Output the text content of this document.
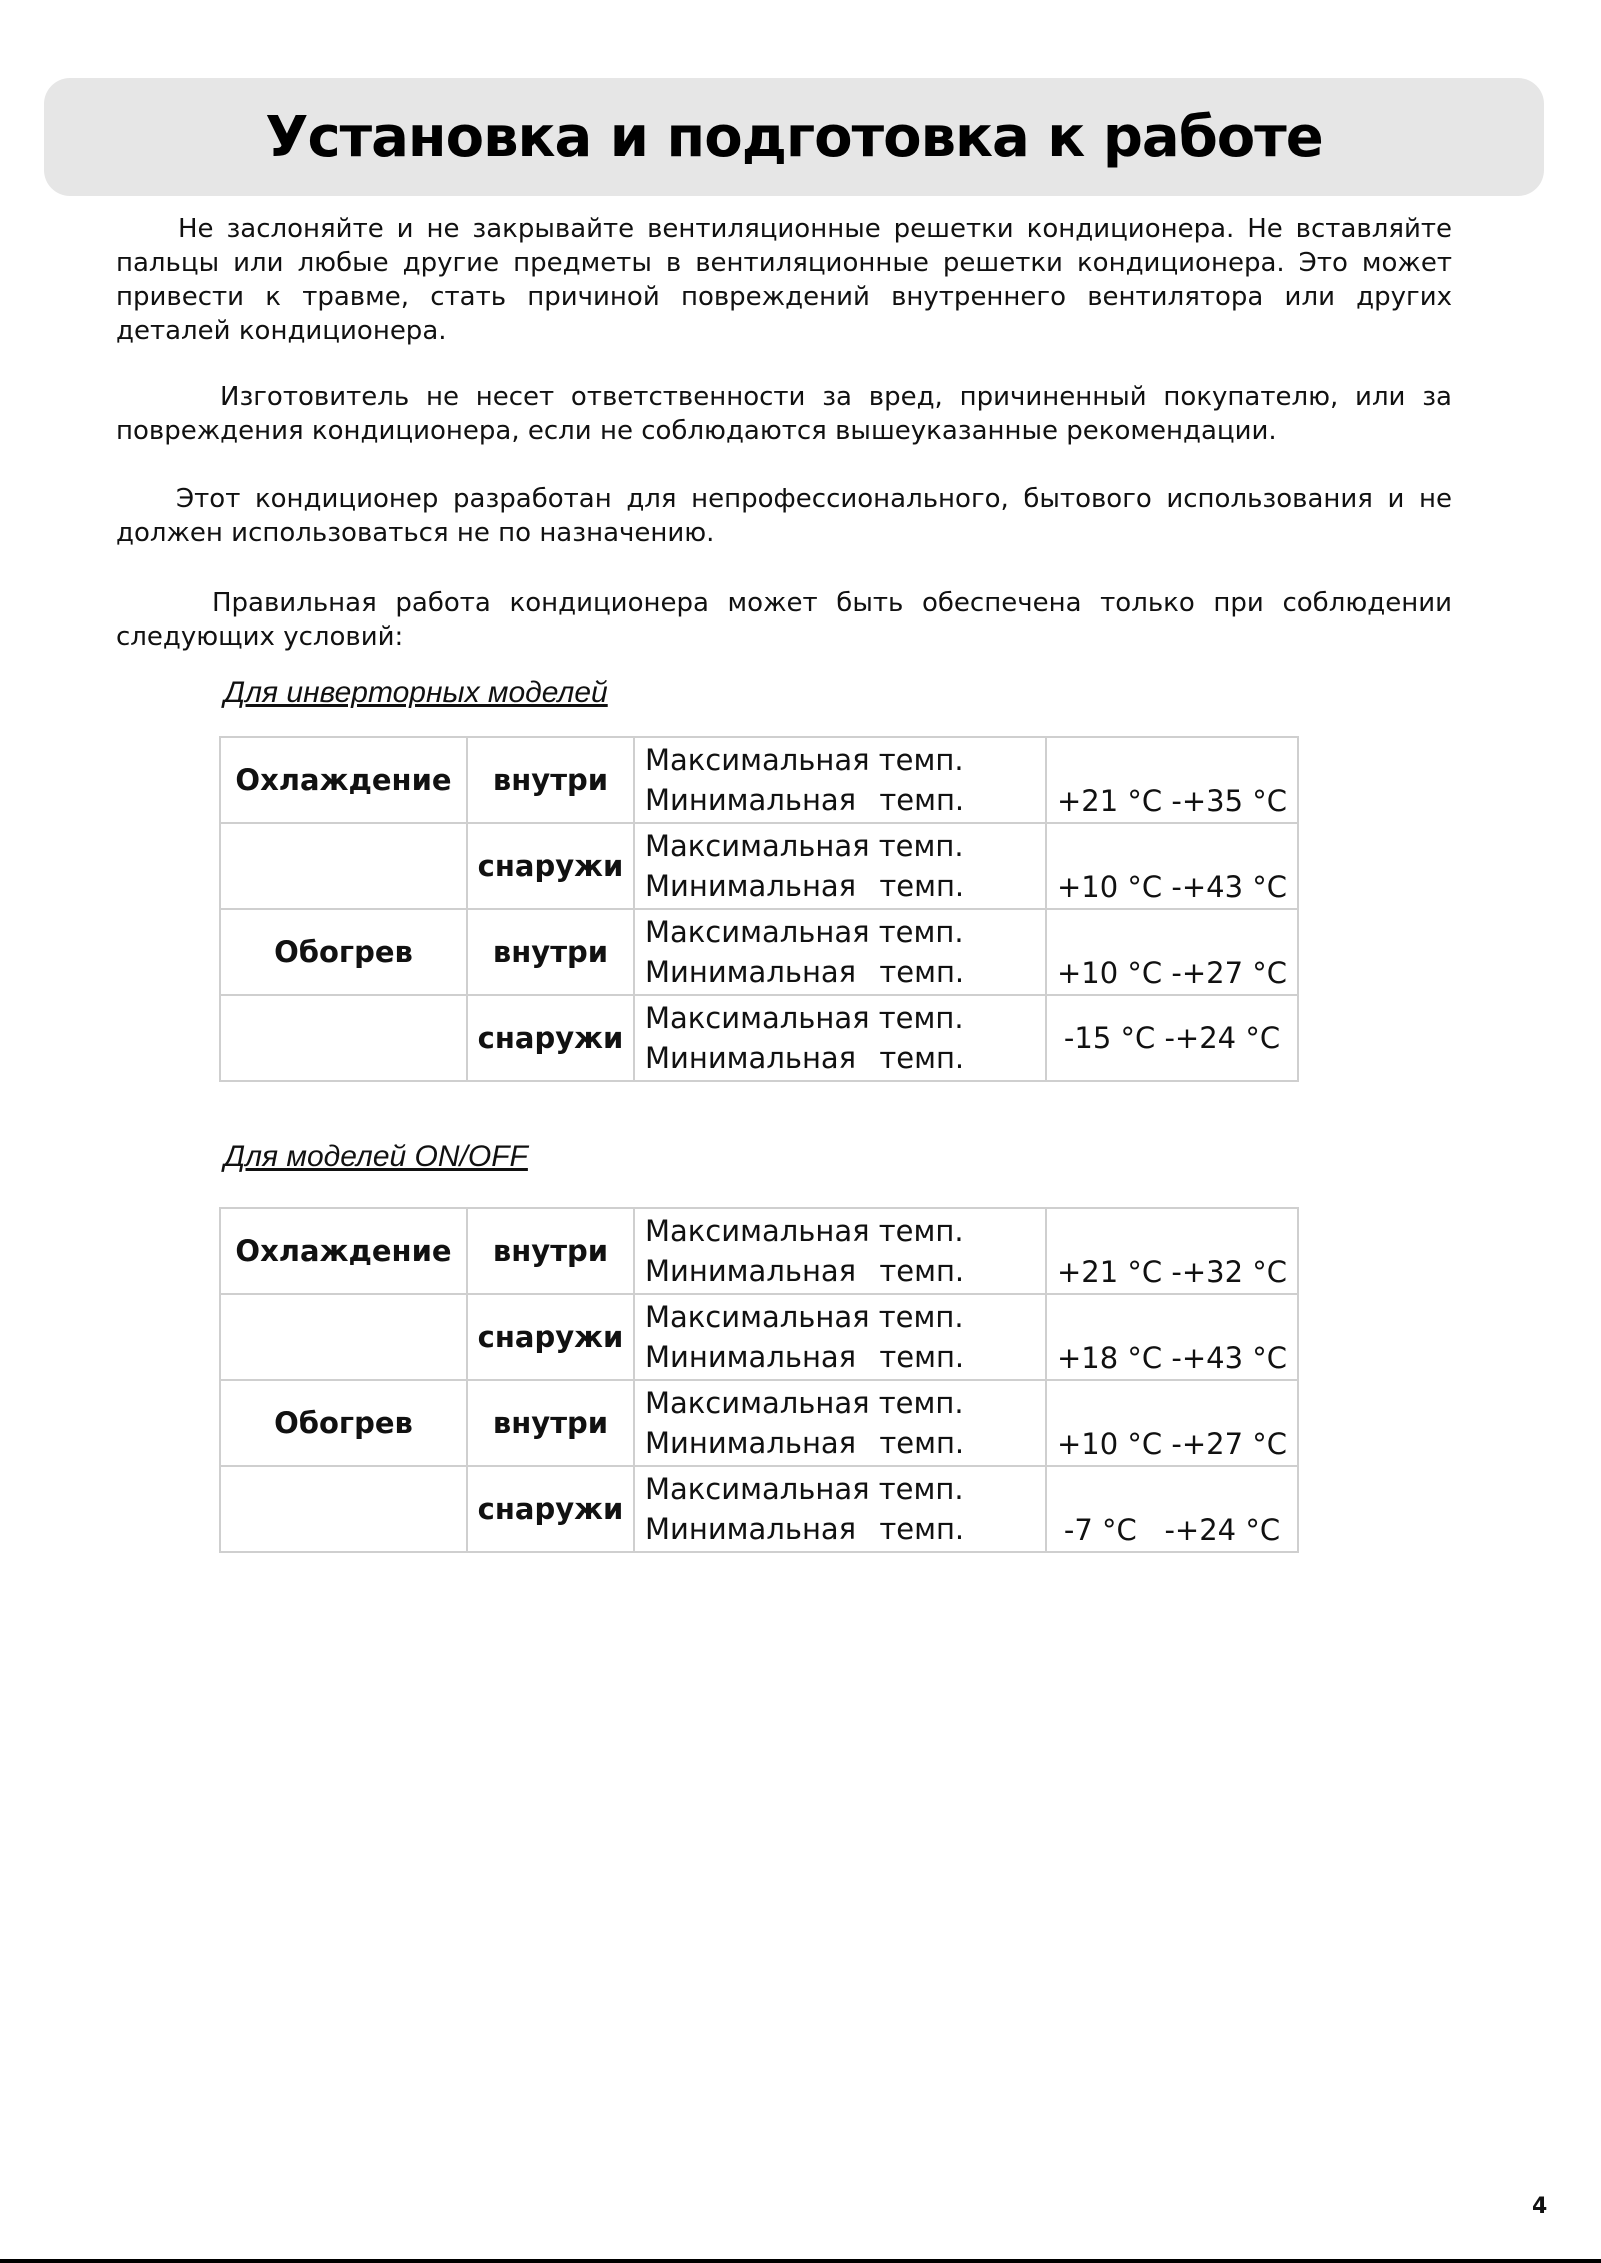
Установка и подготовка к работе

Не заслоняйте и не закрывайте вентиляционные решетки кондиционера. Не вставляйте пальцы или любые другие предметы в вентиляционные решетки кондиционера. Это может привести к травме, стать причиной повреждений внутреннего вентилятора или других деталей кондиционера.

Изготовитель не несет ответственности за вред, причиненный покупателю, или за повреждения кондиционера, если не соблюдаются вышеуказанные рекомендации.

Этот кондиционер разработан для непрофессионального, бытового использования и не должен использоваться не по назначению.

Правильная работа кондиционера может быть обеспечена только при соблюдении следующих условий:

Для инверторных моделей

Охлаждение	внутри	Максимальная темп.
Минимальная темп.	+21 °C -+35 °C

	снаружи	Максимальная темп.
Минимальная темп.	+10 °C -+43 °C

Обогрев	внутри	Максимальная темп.
Минимальная темп.	+10 °C -+27 °C

	снаружи	Максимальная темп.
Минимальная темп.	-15 °C -+24 °C

Для моделей ON/OFF

Охлаждение	внутри	Максимальная темп.
Минимальная темп.	+21 °C -+32 °C

	снаружи	Максимальная темп.
Минимальная темп.	+18 °C -+43 °C

Обогрев	внутри	Максимальная темп.
Минимальная темп.	+10 °C -+27 °C

	снаружи	Максимальная темп.
Минимальная темп.	-7 °C   -+24 °C

4
